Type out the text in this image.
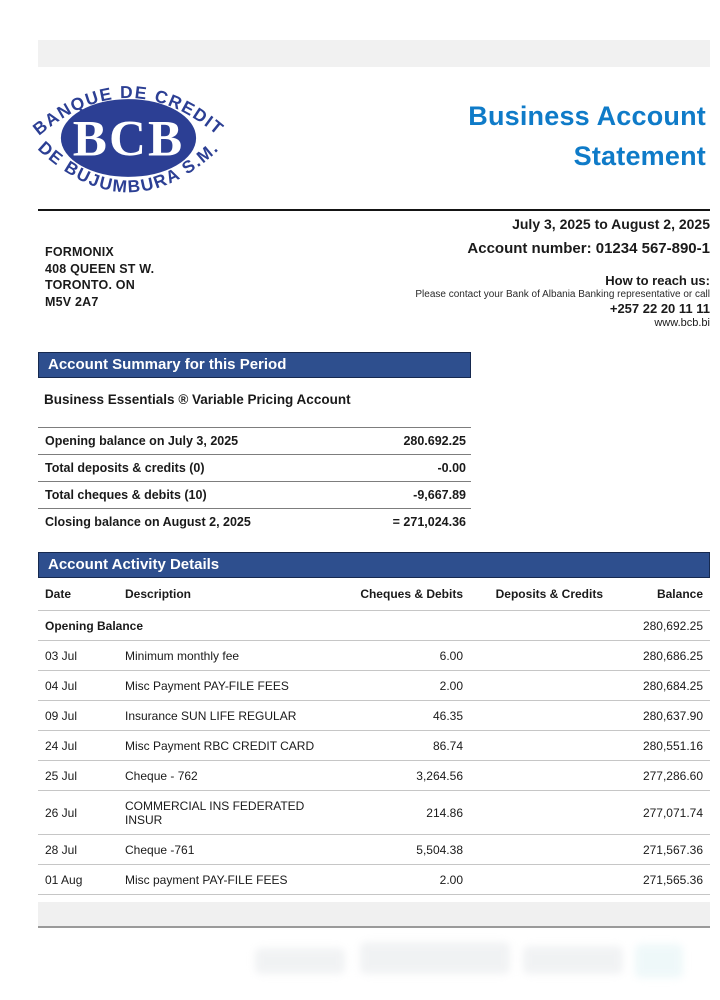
BCB
BANQUE DE CREDIT
DE BUJUMBURA S.M.
Business Account
Statement
July 3, 2025 to August 2, 2025
Account number: 01234 567-890-1
How to reach us:
Please contact your Bank of Albania Banking representative or call
+257 22 20 11 11
www.bcb.bi
FORMONIX
408 QUEEN ST W.
TORONTO. ON
M5V 2A7
Account Summary for this Period
Business Essentials ® Variable Pricing Account
Opening balance on July 3, 2025	280.692.25
Total deposits & credits (0)	-0.00
Total cheques & debits (10)	-9,667.89
Closing balance on August 2, 2025	= 271,024.36
Account Activity Details
Date	Description	Cheques & Debits	Deposits & Credits	Balance
Opening Balance				280,692.25
03 Jul	Minimum monthly fee	6.00		280,686.25
04 Jul	Misc Payment PAY-FILE FEES	2.00		280,684.25
09 Jul	Insurance SUN LIFE REGULAR	46.35		280,637.90
24 Jul	Misc Payment RBC CREDIT CARD	86.74		280,551.16
25 Jul	Cheque - 762	3,264.56		277,286.60
26 Jul	COMMERCIAL INS FEDERATED INSUR	214.86		277,071.74
28 Jul	Cheque -761	5,504.38		271,567.36
01 Aug	Misc payment PAY-FILE FEES	2.00		271,565.36
